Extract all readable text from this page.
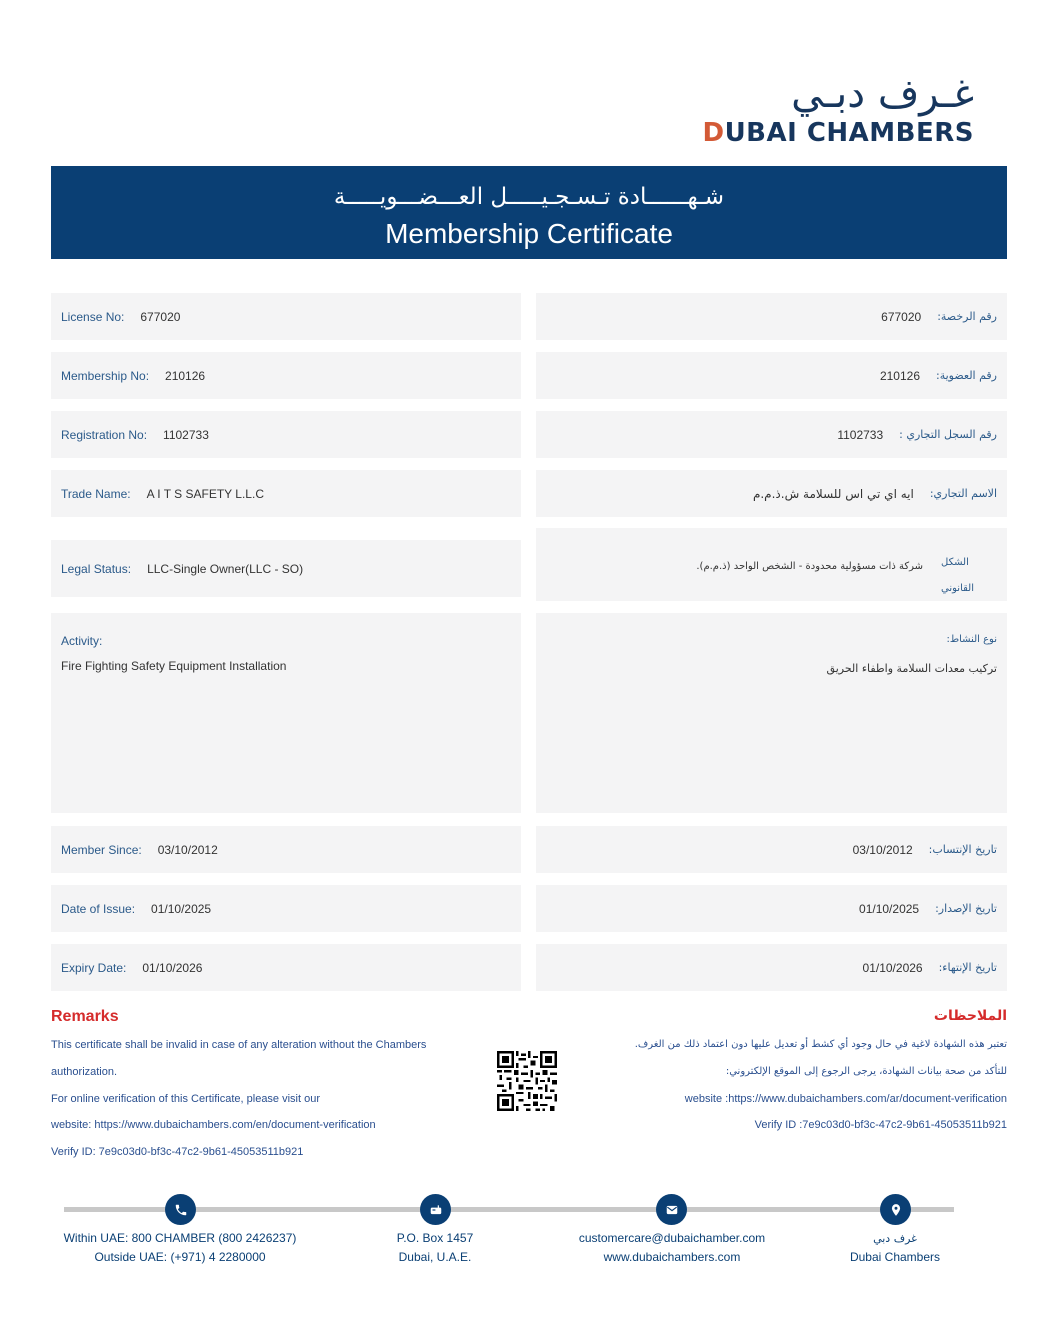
غـرف دبـي
DUBAI CHAMBERS
شـهــــــادة تـسـجـيـــــل العـــضـــويـــــة
Membership Certificate
License No: 677020	رقم الرخصة:
677020
Membership No: 210126	رقم العضوية:
210126
Registration No: 1102733	رقم السجل التجاري :
1102733
Trade Name: A I T S SAFETY L.L.C	الاسم التجاري:
ايه اي تي اس للسلامة ش.ذ.م.م
Legal Status: LLC-Single Owner(LLC - SO)	الشكل
القانوني
شركة ذات مسؤولية محدودة - الشخص الواحد (ذ.م.م).
Activity:
Fire Fighting Safety Equipment Installation
نوع النشاط:
تركيب معدات السلامة واطفاء الحريق
Member Since: 03/10/2012	تاريخ الإنتساب:
03/10/2012
Date of Issue: 01/10/2025	تاريخ الإصدار:
01/10/2025
Expiry Date: 01/10/2026	تاريخ الإنتهاء:
01/10/2026
Remarks	الملاحظات
This certificate shall be invalid in case of any alteration without the Chambers
authorization.
For online verification of this Certificate, please visit our
website: https://www.dubaichambers.com/en/document-verification
Verify ID: 7e9c03d0-bf3c-47c2-9b61-45053511b921
تعتبر هذه الشهادة لاغية في حال وجود أي كشط أو تعديل عليها دون اعتماد ذلك من الغرف.
للتأكد من صحة بيانات الشهادة، يرجى الرجوع إلى الموقع الإلكتروني:
website :https://www.dubaichambers.com/ar/document-verification
Verify ID :7e9c03d0-bf3c-47c2-9b61-45053511b921
Within UAE: 800 CHAMBER (800 2426237)
Outside UAE: (+971) 4 2280000
P.O. Box 1457
Dubai, U.A.E.
customercare@dubaichamber.com
www.dubaichambers.com
غرف دبي
Dubai Chambers
